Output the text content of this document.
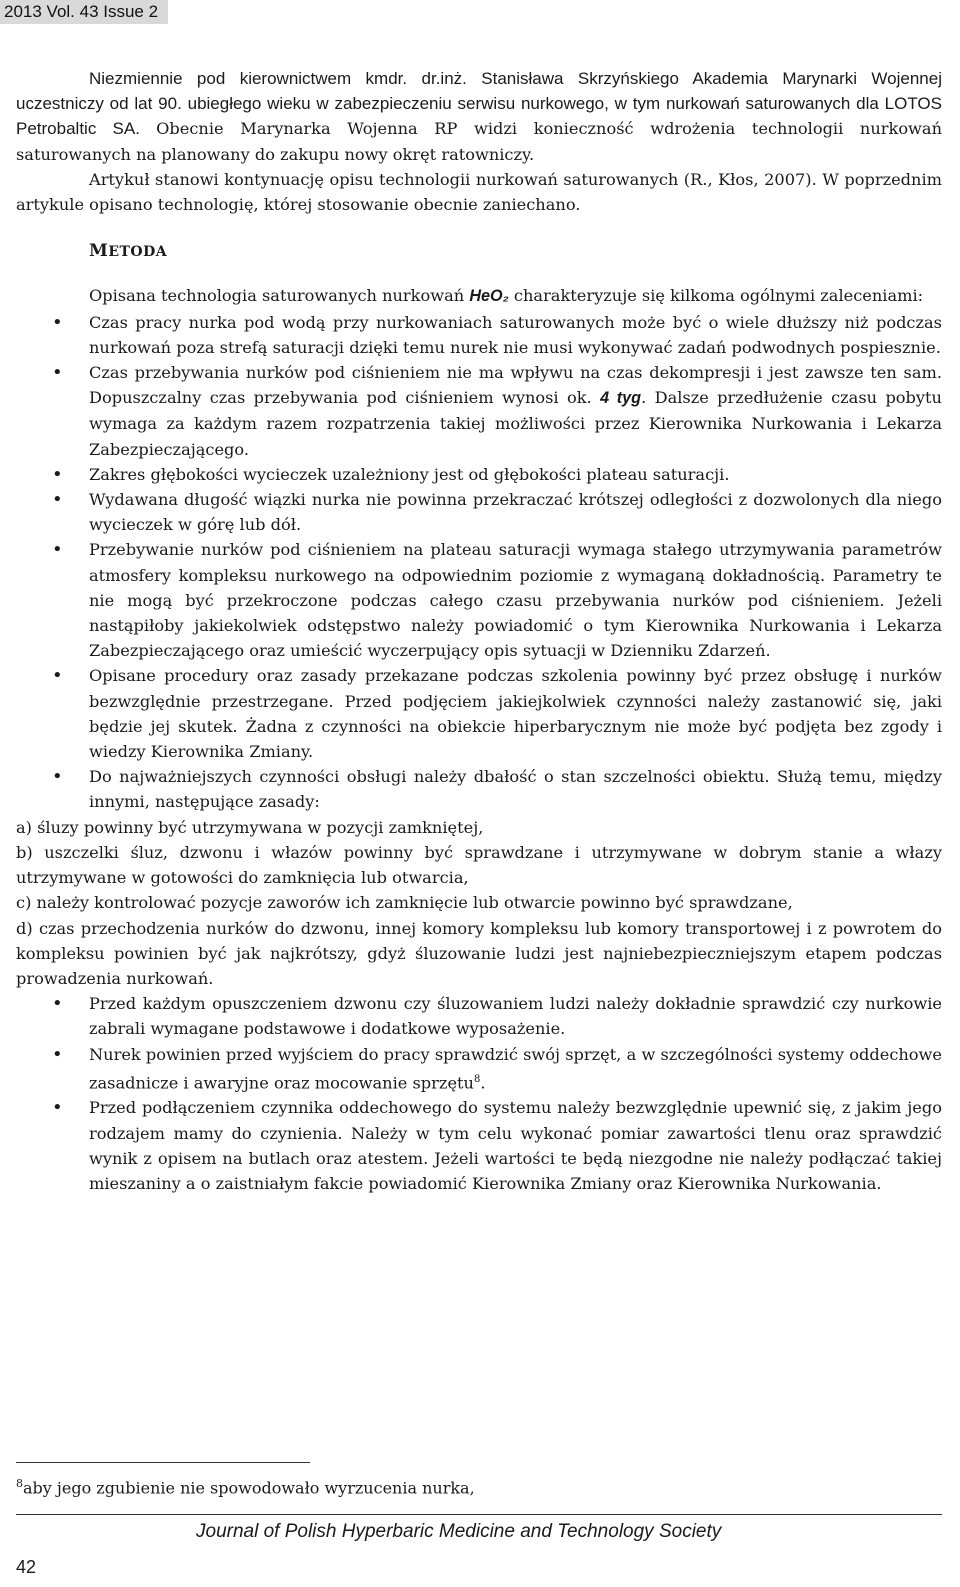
2013 Vol. 43 Issue 2

Niezmiennie pod kierownictwem kmdr. dr.inż. Stanisława Skrzyńskiego Akademia Marynarki Wojennej uczestniczy od lat 90. ubiegłego wieku w zabezpieczeniu serwisu nurkowego, w tym nurkowań saturowanych dla LOTOS Petrobaltic SA. Obecnie Marynarka Wojenna RP widzi konieczność wdrożenia technologii nurkowań saturowanych na planowany do zakupu nowy okręt ratowniczy.

Artykuł stanowi kontynuację opisu technologii nurkowań saturowanych (R., Kłos, 2007). W poprzednim artykule opisano technologię, której stosowanie obecnie zaniechano.

METODA

Opisana technologia saturowanych nurkowań HeO₂ charakteryzuje się kilkoma ogólnymi zaleceniami:

• Czas pracy nurka pod wodą przy nurkowaniach saturowanych może być o wiele dłuższy niż podczas nurkowań poza strefą saturacji dzięki temu nurek nie musi wykonywać zadań podwodnych pospiesznie.
• Czas przebywania nurków pod ciśnieniem nie ma wpływu na czas dekompresji i jest zawsze ten sam. Dopuszczalny czas przebywania pod ciśnieniem wynosi ok. 4 tyg. Dalsze przedłużenie czasu pobytu wymaga za każdym razem rozpatrzenia takiej możliwości przez Kierownika Nurkowania i Lekarza Zabezpieczającego.
• Zakres głębokości wycieczek uzależniony jest od głębokości plateau saturacji.
• Wydawana długość wiązki nurka nie powinna przekraczać krótszej odległości z dozwolonych dla niego wycieczek w górę lub dół.
• Przebywanie nurków pod ciśnieniem na plateau saturacji wymaga stałego utrzymywania parametrów atmosfery kompleksu nurkowego na odpowiednim poziomie z wymaganą dokładnością. Parametry te nie mogą być przekroczone podczas całego czasu przebywania nurków pod ciśnieniem. Jeżeli nastąpiłoby jakiekolwiek odstępstwo należy powiadomić o tym Kierownika Nurkowania i Lekarza Zabezpieczającego oraz umieścić wyczerpujący opis sytuacji w Dzienniku Zdarzeń.
• Opisane procedury oraz zasady przekazane podczas szkolenia powinny być przez obsługę i nurków bezwzględnie przestrzegane. Przed podjęciem jakiejkolwiek czynności należy zastanowić się, jaki będzie jej skutek. Żadna z czynności na obiekcie hiperbarycznym nie może być podjęta bez zgody i wiedzy Kierownika Zmiany.
• Do najważniejszych czynności obsługi należy dbałość o stan szczelności obiektu. Służą temu, między innymi, następujące zasady:

a) śluzy powinny być utrzymywana w pozycji zamkniętej,

b) uszczelki śluz, dzwonu i włazów powinny być sprawdzane i utrzymywane w dobrym stanie a włazy utrzymywane w gotowości do zamknięcia lub otwarcia,

c) należy kontrolować pozycje zaworów ich zamknięcie lub otwarcie powinno być sprawdzane,

d) czas przechodzenia nurków do dzwonu, innej komory kompleksu lub komory transportowej i z powrotem do kompleksu powinien być jak najkrótszy, gdyż śluzowanie ludzi jest najniebezpieczniejszym etapem podczas prowadzenia nurkowań.

• Przed każdym opuszczeniem dzwonu czy śluzowaniem ludzi należy dokładnie sprawdzić czy nurkowie zabrali wymagane podstawowe i dodatkowe wyposażenie.
• Nurek powinien przed wyjściem do pracy sprawdzić swój sprzęt, a w szczególności systemy oddechowe zasadnicze i awaryjne oraz mocowanie sprzętu$^8$.
• Przed podłączeniem czynnika oddechowego do systemu należy bezwzględnie upewnić się, z jakim jego rodzajem mamy do czynienia. Należy w tym celu wykonać pomiar zawartości tlenu oraz sprawdzić wynik z opisem na butlach oraz atestem. Jeżeli wartości te będą niezgodne nie należy podłączać takiej mieszaniny a o zaistniałym fakcie powiadomić Kierownika Zmiany oraz Kierownika Nurkowania.
$^8$aby jego zgubienie nie spowodowało wyrzucenia nurka,
Journal of Polish Hyperbaric Medicine and Technology Society
42
